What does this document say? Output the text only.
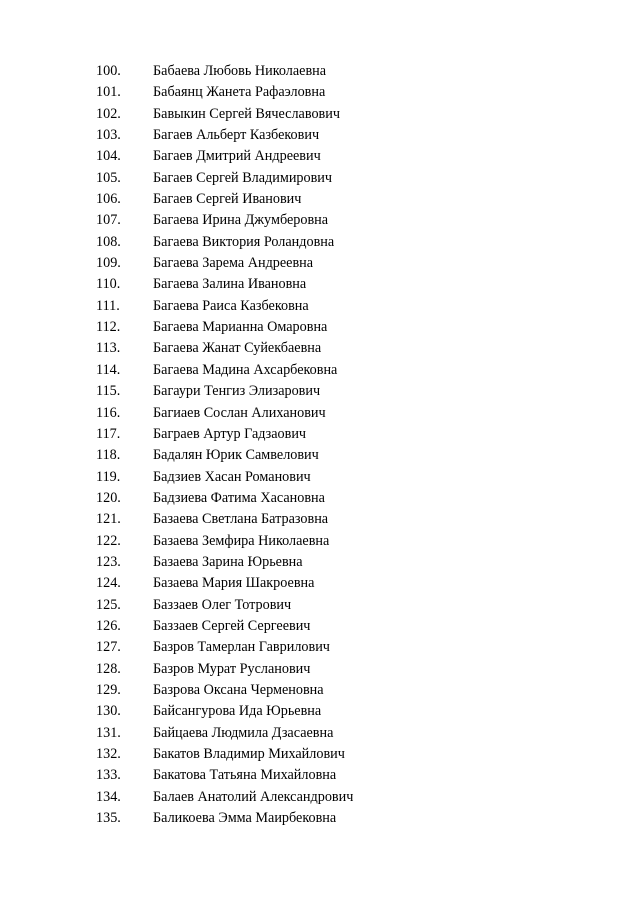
100.	Бабаева Любовь Николаевна
101.	Бабаянц Жанета Рафаэловна
102.	Бавыкин Сергей Вячеславович
103.	Багаев Альберт Казбекович
104.	Багаев Дмитрий Андреевич
105.	Багаев Сергей Владимирович
106.	Багаев Сергей Иванович
107.	Багаева Ирина Джумберовна
108.	Багаева Виктория Роландовна
109.	Багаева Зарема Андреевна
110.	Багаева Залина Ивановна
111.	Багаева Раиса Казбековна
112.	Багаева Марианна Омаровна
113.	Багаева Жанат Суйекбаевна
114.	Багаева Мадина Ахсарбековна
115.	Багаури Тенгиз Элизарович
116.	Багиаев Сослан Алиханович
117.	Баграев Артур Гадзаович
118.	Бадалян Юрик Самвелович
119.	Бадзиев Хасан Романович
120.	Бадзиева Фатима Хасановна
121.	Базаева Светлана Батразовна
122.	Базаева Земфира Николаевна
123.	Базаева Зарина Юрьевна
124.	Базаева Мария Шакроевна
125.	Баззаев Олег Тотрович
126.	Баззаев Сергей Сергеевич
127.	Базров Тамерлан Гаврилович
128.	Базров Мурат Русланович
129.	Базрова Оксана Черменовна
130.	Байсангурова Ида Юрьевна
131.	Байцаева Людмила Дзасаевна
132.	Бакатов Владимир Михайлович
133.	Бакатова Татьяна Михайловна
134.	Балаев Анатолий Александрович
135.	Баликоева Эмма Маирбековна
